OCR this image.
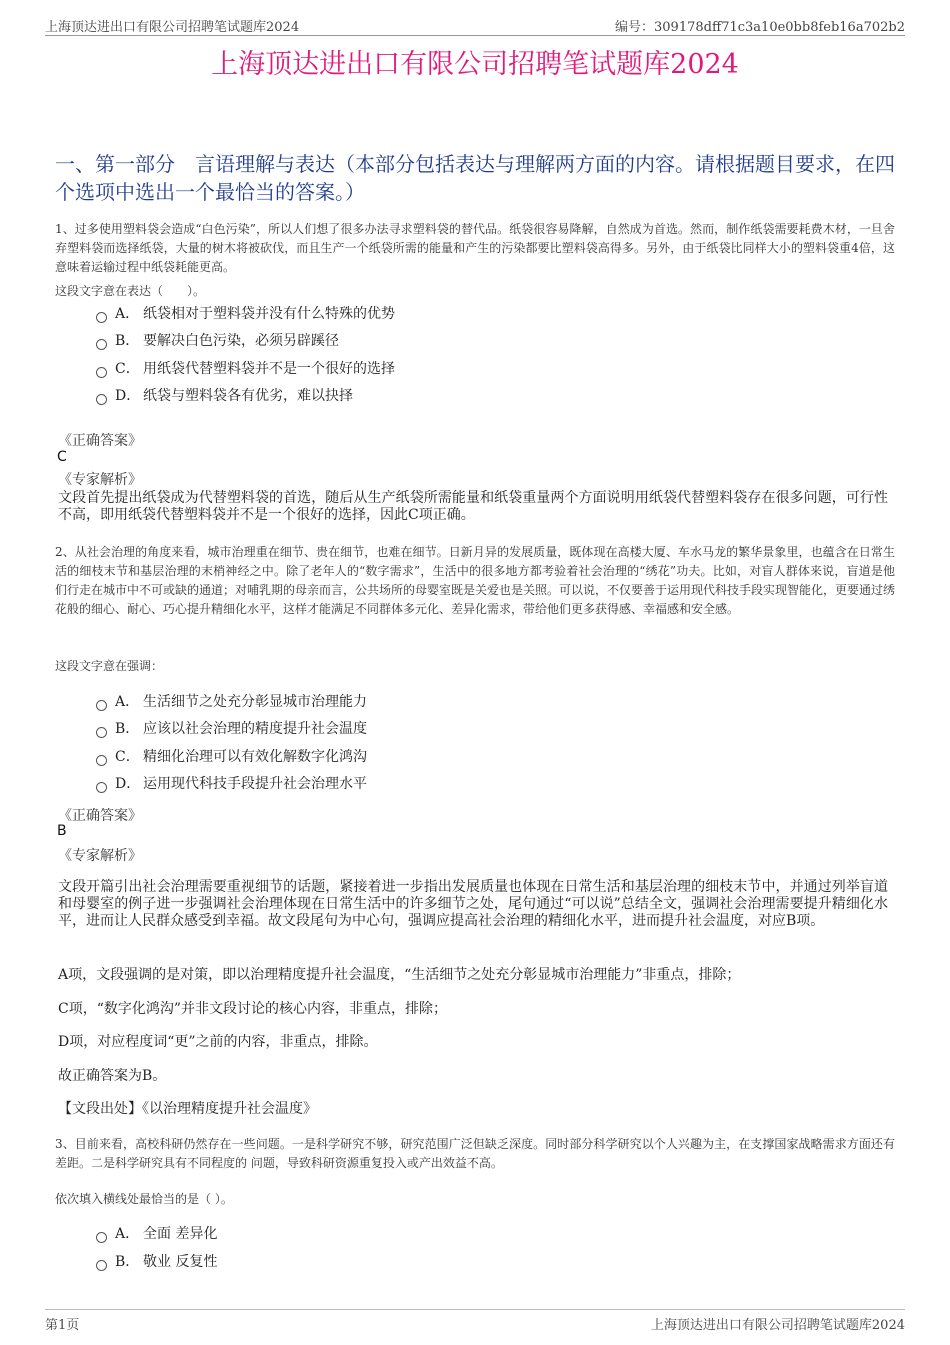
上海顶达进出口有限公司招聘笔试题库2024	编号：309178dff71c3a10e0bb8feb16a702b2
上海顶达进出口有限公司招聘笔试题库2024
一、第一部分　言语理解与表达（本部分包括表达与理解两方面的内容。请根据题目要求，在四个选项中选出一个最恰当的答案。）
1、过多使用塑料袋会造成“白色污染”，所以人们想了很多办法寻求塑料袋的替代品。纸袋很容易降解，自然成为首选。然而，制作纸袋需要耗费木材，一旦舍弃塑料袋而选择纸袋，大量的树木将被砍伐，而且生产一个纸袋所需的能量和产生的污染都要比塑料袋高得多。另外，由于纸袋比同样大小的塑料袋重4倍，这意味着运输过程中纸袋耗能更高。
这段文字意在表达（　　）。
A． 纸袋相对于塑料袋并没有什么特殊的优势
B． 要解决白色污染，必须另辟蹊径
C． 用纸袋代替塑料袋并不是一个很好的选择
D． 纸袋与塑料袋各有优劣，难以抉择
《正确答案》
C
《专家解析》
文段首先提出纸袋成为代替塑料袋的首选，随后从生产纸袋所需能量和纸袋重量两个方面说明用纸袋代替塑料袋存在很多问题，可行性不高，即用纸袋代替塑料袋并不是一个很好的选择，因此C项正确。
2、从社会治理的角度来看，城市治理重在细节、贵在细节，也难在细节。日新月异的发展质量，既体现在高楼大厦、车水马龙的繁华景象里，也蕴含在日常生活的细枝末节和基层治理的末梢神经之中。除了老年人的“数字需求”，生活中的很多地方都考验着社会治理的“绣花”功夫。比如，对盲人群体来说，盲道是他们行走在城市中不可或缺的通道；对哺乳期的母亲而言，公共场所的母婴室既是关爱也是关照。可以说，不仅要善于运用现代科技手段实现智能化，更要通过绣花般的细心、耐心、巧心提升精细化水平，这样才能满足不同群体多元化、差异化需求，带给他们更多获得感、幸福感和安全感。
这段文字意在强调：
A． 生活细节之处充分彰显城市治理能力
B． 应该以社会治理的精度提升社会温度
C． 精细化治理可以有效化解数字化鸿沟
D． 运用现代科技手段提升社会治理水平
《正确答案》
B
《专家解析》
文段开篇引出社会治理需要重视细节的话题，紧接着进一步指出发展质量也体现在日常生活和基层治理的细枝末节中，并通过列举盲道和母婴室的例子进一步强调社会治理体现在日常生活中的许多细节之处，尾句通过“可以说”总结全文，强调社会治理需要提升精细化水平，进而让人民群众感受到幸福。故文段尾句为中心句，强调应提高社会治理的精细化水平，进而提升社会温度，对应B项。
A项，文段强调的是对策，即以治理精度提升社会温度，“生活细节之处充分彰显城市治理能力”非重点，排除；
C项，“数字化鸿沟”并非文段讨论的核心内容，非重点，排除；
D项，对应程度词“更”之前的内容，非重点，排除。
故正确答案为B。
【文段出处】《以治理精度提升社会温度》
3、目前来看，高校科研仍然存在一些问题。一是科学研究不够，研究范围广泛但缺乏深度。同时部分科学研究以个人兴趣为主，在支撑国家战略需求方面还有差距。二是科学研究具有不同程度的 问题，导致科研资源重复投入或产出效益不高。
依次填入横线处最恰当的是（ ）。
A． 全面 差异化
B． 敬业 反复性
第1页	上海顶达进出口有限公司招聘笔试题库2024
